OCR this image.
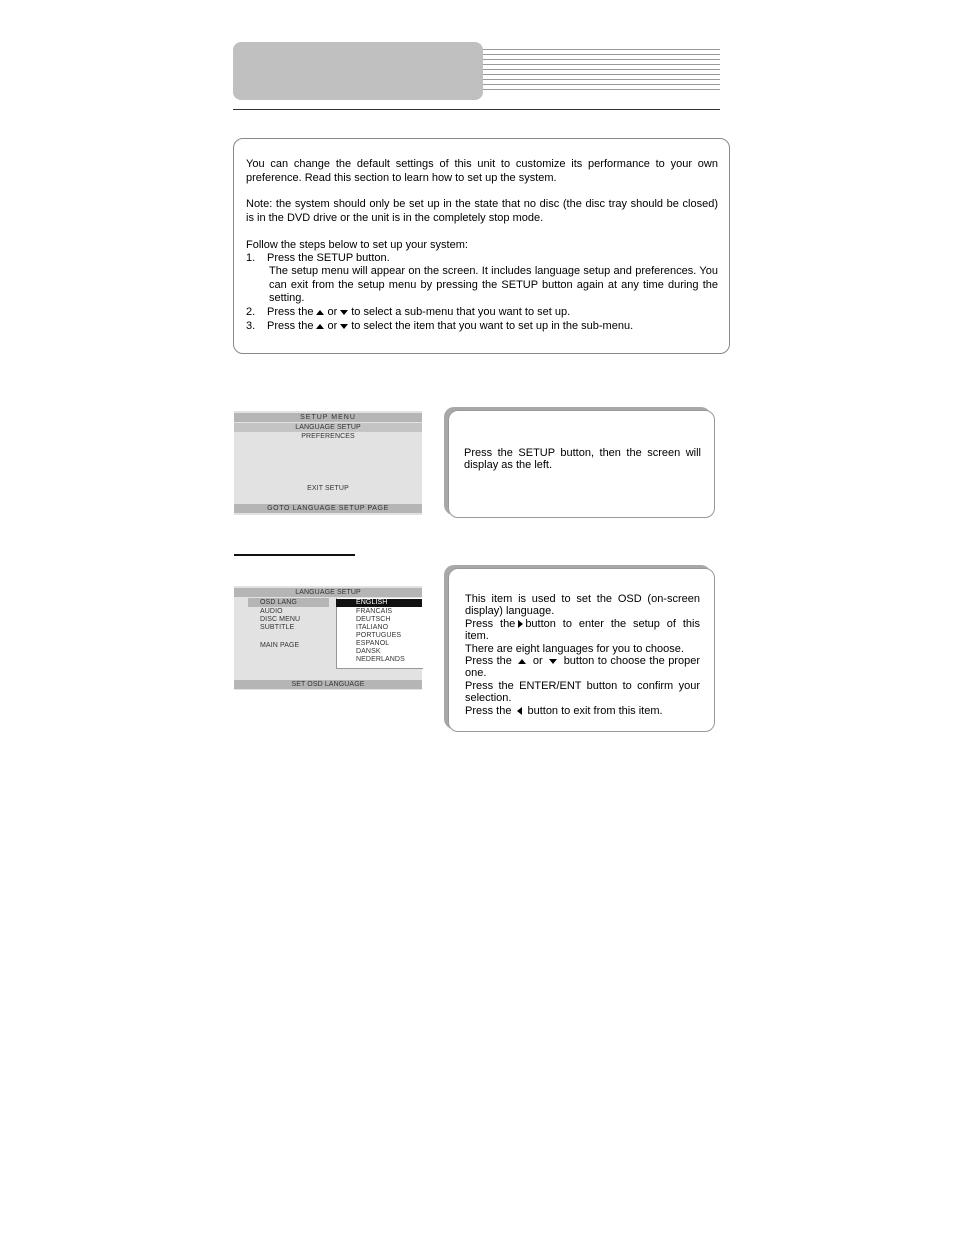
You can change the default settings of this unit to customize its performance to your own preference. Read this section to learn how to set up the system.
Note: the system should only be set up in the state that no disc (the disc tray should be closed) is in the DVD drive or the unit is in the completely stop mode.
Follow the steps below to set up your system:
1. Press the SETUP button.
The setup menu will appear on the screen. It includes language setup and preferences. You can exit from the setup menu by pressing the SETUP button again at any time during the setting.
2. Press the or to select a sub-menu that you want to set up.
3. Press the or to select the item that you want to set up in the sub-menu.
SETUP MENU
LANGUAGE SETUP
PREFERENCES
EXIT SETUP
GOTO LANGUAGE SETUP PAGE
Press the SETUP button, then the screen will display as the left.
LANGUAGE SETUP
OSD LANG
AUDIO
DISC MENU
SUBTITLE
MAIN PAGE
ENGLISH
FRANCAIS
DEUTSCH
ITALIANO
PORTUGUES
ESPANOL
DANSK
NEDERLANDS
SET OSD LANGUAGE
This item is used to set the OSD (on-screen display) language.
Press the button to enter the setup of this item.
There are eight languages for you to choose.
Press the or button to choose the proper one.
Press the ENTER/ENT button to confirm your selection.
Press the button to exit from this item.
